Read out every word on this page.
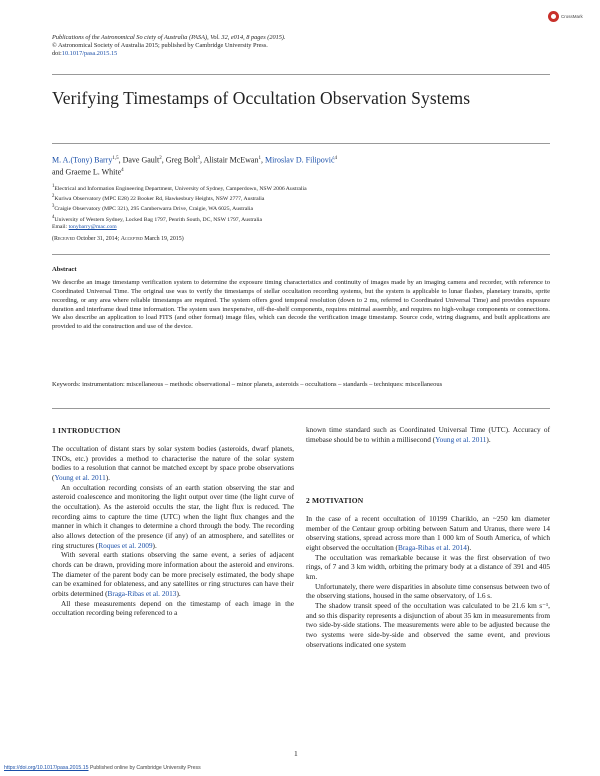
Publications of the Astronomical So ciety of Australia (PASA), Vol. 32, e014, 8 pages (2015).
© Astronomical Society of Australia 2015; published by Cambridge University Press.
doi:10.1017/pasa.2015.15
CrossMark
Verifying Timestamps of Occultation Observation Systems
M. A.(Tony) Barry$^{1,5}$, Dave Gault$^2$, Greg Bolt$^3$, Alistair McEwan$^1$, Miroslav D. Filipović$^4$
and Graeme L. White$^4$
$^1$Electrical and Information Engineering Department, University of Sydney, Camperdown, NSW 2006 Australia
$^2$Kuriwa Observatory (MPC E28) 22 Booker Rd, Hawkesbury Heights, NSW 2777, Australia
$^3$Craigie Observatory (MPC 321), 295 Camberwarra Drive, Craigie, WA 6025, Australia
$^4$University of Western Sydney, Locked Bag 1797, Penrith South, DC, NSW 1797, Australia
Email: tonybarry@mac.com
(Received October 31, 2014; Accepted March 19, 2015)
Abstract
We describe an image timestamp verification system to determine the exposure timing characteristics and continuity of images made by an imaging camera and recorder, with reference to Coordinated Universal Time. The original use was to verify the timestamps of stellar occultation recording systems, but the system is applicable to lunar flashes, planetary transits, sprite recording, or any area where reliable timestamps are required. The system offers good temporal resolution (down to 2 ms, referred to Coordinated Universal Time) and provides exposure duration and interframe dead time information. The system uses inexpensive, off-the-shelf components, requires minimal assembly, and requires no high-voltage components or connections. We also describe an application to load FITS (and other format) image files, which can decode the verification image timestamp. Source code, wiring diagrams, and built applications are provided to aid the construction and use of the device.
Keywords: instrumentation: miscellaneous – methods: observational – minor planets, asteroids – occultations – standards – techniques: miscellaneous
1 INTRODUCTION

The occultation of distant stars by solar system bodies (asteroids, dwarf planets, TNOs, etc.) provides a method to characterise the nature of the solar system bodies to a resolution that cannot be matched except by space probe observations (Young et al. 2011).

An occultation recording consists of an earth station observing the star and asteroid coalescence and monitoring the light output over time (the light curve of the occultation). As the asteroid occults the star, the light flux is reduced. The recording aims to capture the time (UTC) when the light flux changes and the manner in which it changes to determine a chord through the body. The recording also allows detection of the presence (if any) of an atmosphere, and satellites or ring structures (Roques et al. 2009).

With several earth stations observing the same event, a series of adjacent chords can be drawn, providing more information about the asteroid and environs. The diameter of the parent body can be more precisely estimated, the body shape can be examined for oblateness, and any satellites or ring structures can have their orbits determined (Braga-Ribas et al. 2013).

All these measurements depend on the timestamp of each image in the occultation recording being referenced to a

known time standard such as Coordinated Universal Time (UTC). Accuracy of timebase should be to within a millisecond (Young et al. 2011).

2 MOTIVATION

In the case of a recent occultation of 10199 Chariklo, an ~250 km diameter member of the Centaur group orbiting between Saturn and Uranus, there were 14 observing stations, spread across more than 1 000 km of South America, of which eight observed the occultation (Braga-Ribas et al. 2014).

The occultation was remarkable because it was the first observation of two rings, of 7 and 3 km width, orbiting the primary body at a distance of 391 and 405 km.

Unfortunately, there were disparities in absolute time consensus between two of the observing stations, housed in the same observatory, of 1.6 s.

The shadow transit speed of the occultation was calculated to be 21.6 km s⁻¹, and so this disparity represents a disjunction of about 35 km in measurements from two side-by-side stations. The measurements were able to be adjusted because the two systems were side-by-side and observed the same event, and previous observations indicated one system

1
https://doi.org/10.1017/pasa.2015.15 Published online by Cambridge University Press
